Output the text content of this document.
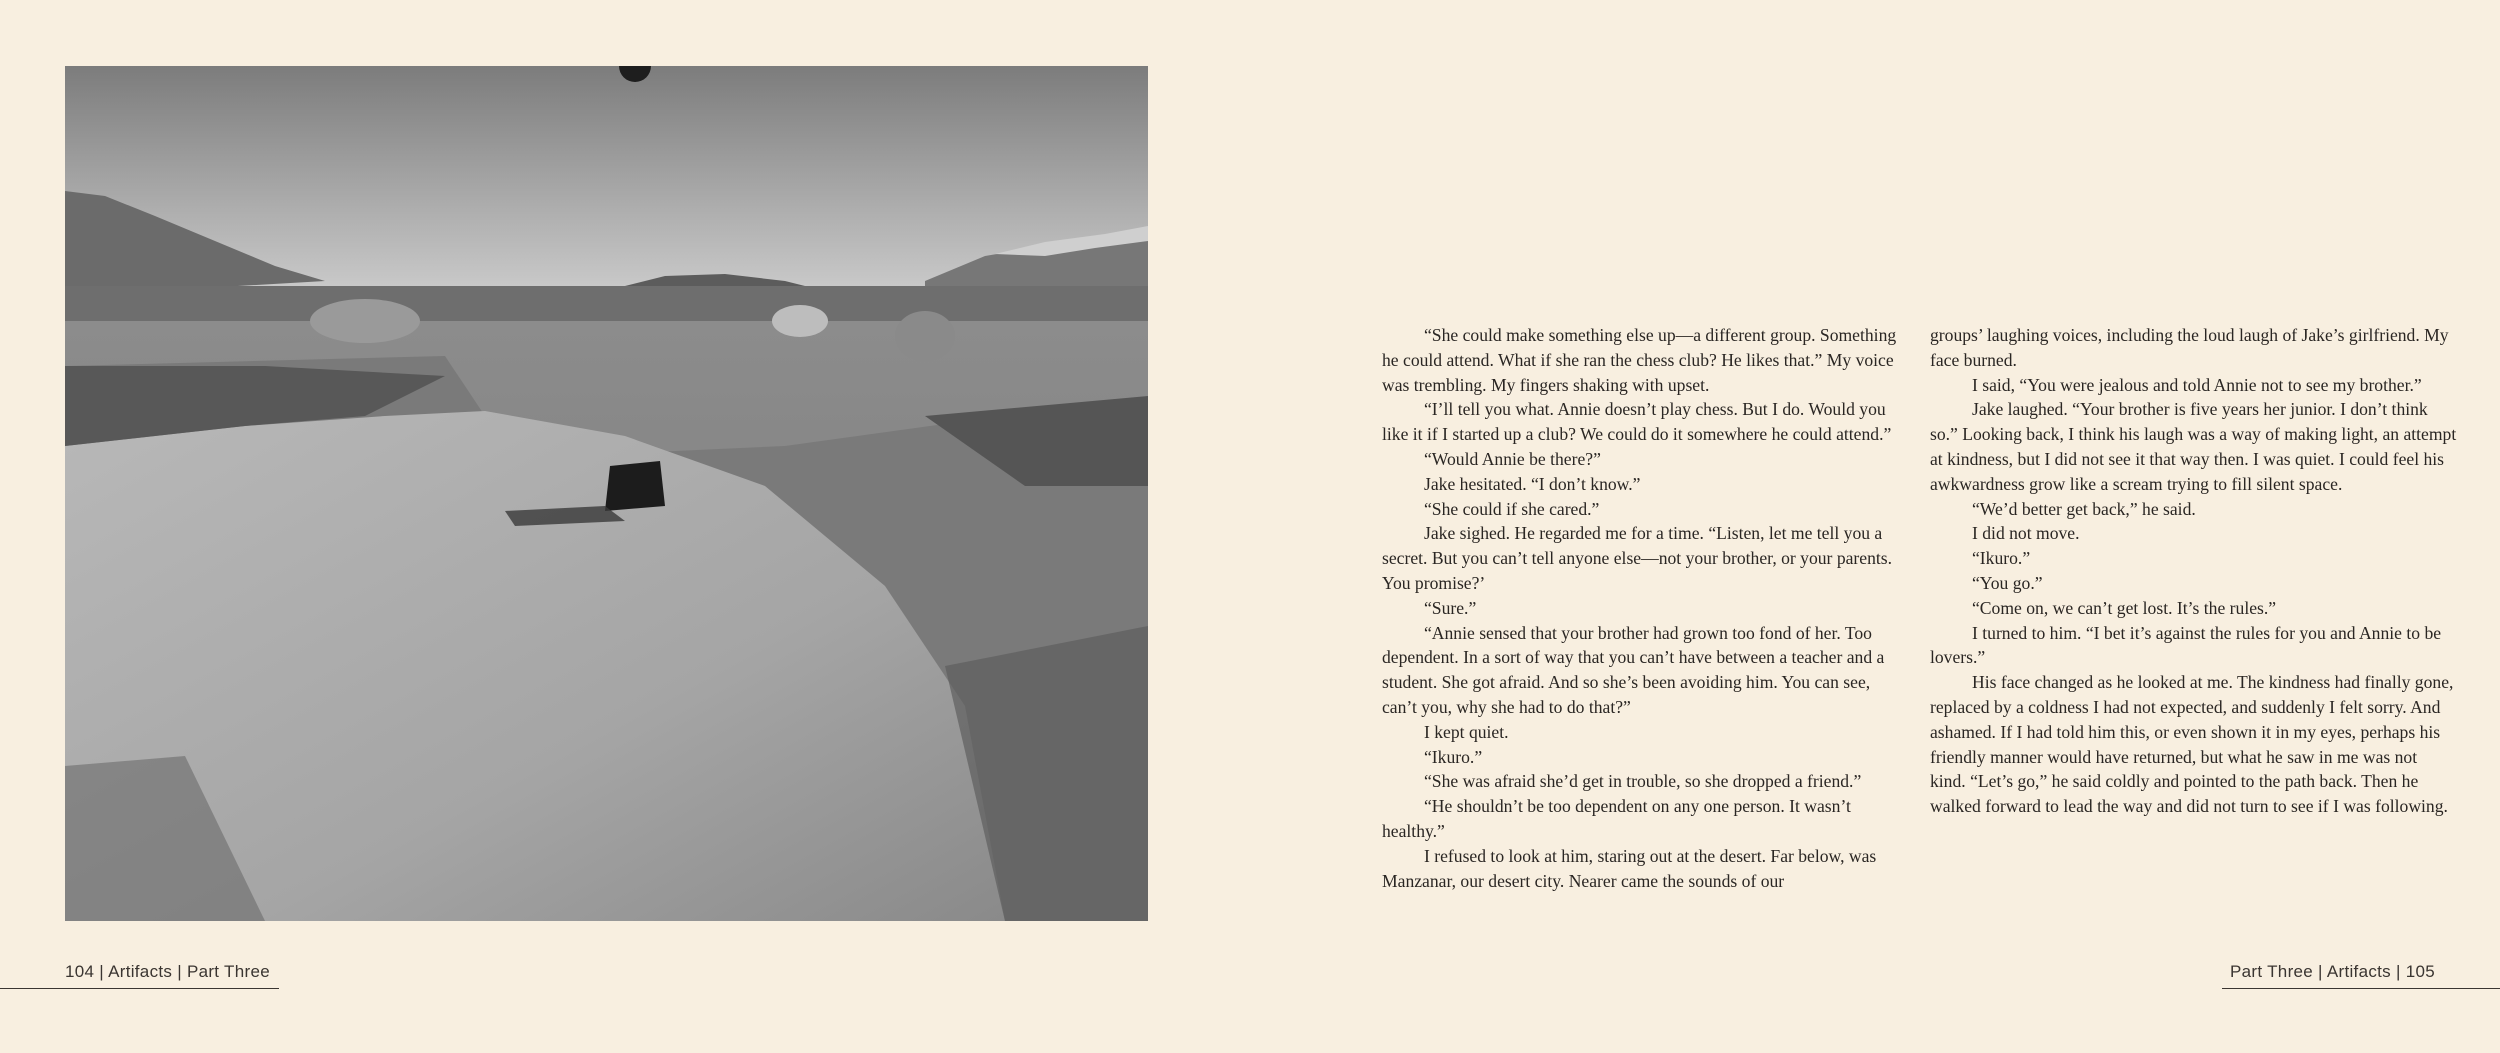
“She could make something else up—a different group. Something he could attend. What if she ran the chess club? He likes that.” My voice was trembling. My fingers shaking with upset.

“I’ll tell you what. Annie doesn’t play chess. But I do. Would you like it if I started up a club? We could do it somewhere he could attend.”

“Would Annie be there?”

Jake hesitated. “I don’t know.”

“She could if she cared.”

Jake sighed. He regarded me for a time. “Listen, let me tell you a secret. But you can’t tell anyone else—not your brother, or your parents. You promise?’

“Sure.”

“Annie sensed that your brother had grown too fond of her. Too dependent. In a sort of way that you can’t have between a teacher and a student. She got afraid. And so she’s been avoiding him. You can see, can’t you, why she had to do that?”

I kept quiet.

“Ikuro.”

“She was afraid she’d get in trouble, so she dropped a friend.”

“He shouldn’t be too dependent on any one person. It wasn’t healthy.”

I refused to look at him, staring out at the desert. Far below, was Manzanar, our desert city. Nearer came the sounds of our

groups’ laughing voices, including the loud laugh of Jake’s girlfriend. My face burned.

I said, “You were jealous and told Annie not to see my brother.”

Jake laughed. “Your brother is five years her junior. I don’t think so.” Looking back, I think his laugh was a way of making light, an attempt at kindness, but I did not see it that way then. I was quiet. I could feel his awkwardness grow like a scream trying to fill silent space.

“We’d better get back,” he said.

I did not move.

“Ikuro.”

“You go.”

“Come on, we can’t get lost. It’s the rules.”

I turned to him. “I bet it’s against the rules for you and Annie to be lovers.”

His face changed as he looked at me. The kindness had finally gone, replaced by a coldness I had not expected, and suddenly I felt sorry. And ashamed. If I had told him this, or even shown it in my eyes, perhaps his friendly manner would have returned, but what he saw in me was not kind. “Let’s go,” he said coldly and pointed to the path back. Then he walked forward to lead the way and did not turn to see if I was following.

104 | Artifacts | Part Three	Part Three | Artifacts | 105
